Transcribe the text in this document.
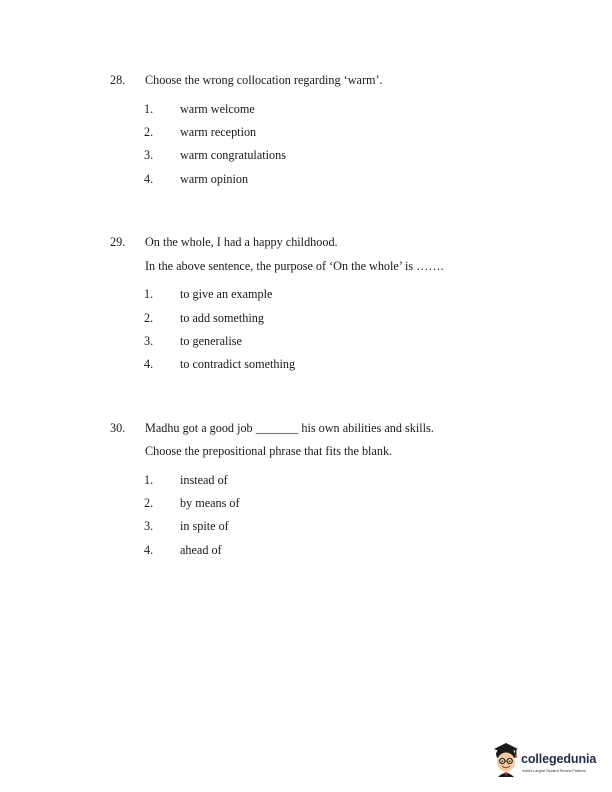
28. Choose the wrong collocation regarding ‘warm’.
1. warm welcome
2. warm reception
3. warm congratulations
4. warm opinion
29. On the whole, I had a happy childhood.
In the above sentence, the purpose of ‘On the whole’ is …….
1. to give an example
2. to add something
3. to generalise
4. to contradict something
30. Madhu got a good job _______ his own abilities and skills.
Choose the prepositional phrase that fits the blank.
1. instead of
2. by means of
3. in spite of
4. ahead of
collegedunia
India's Largest Student Review Platform
